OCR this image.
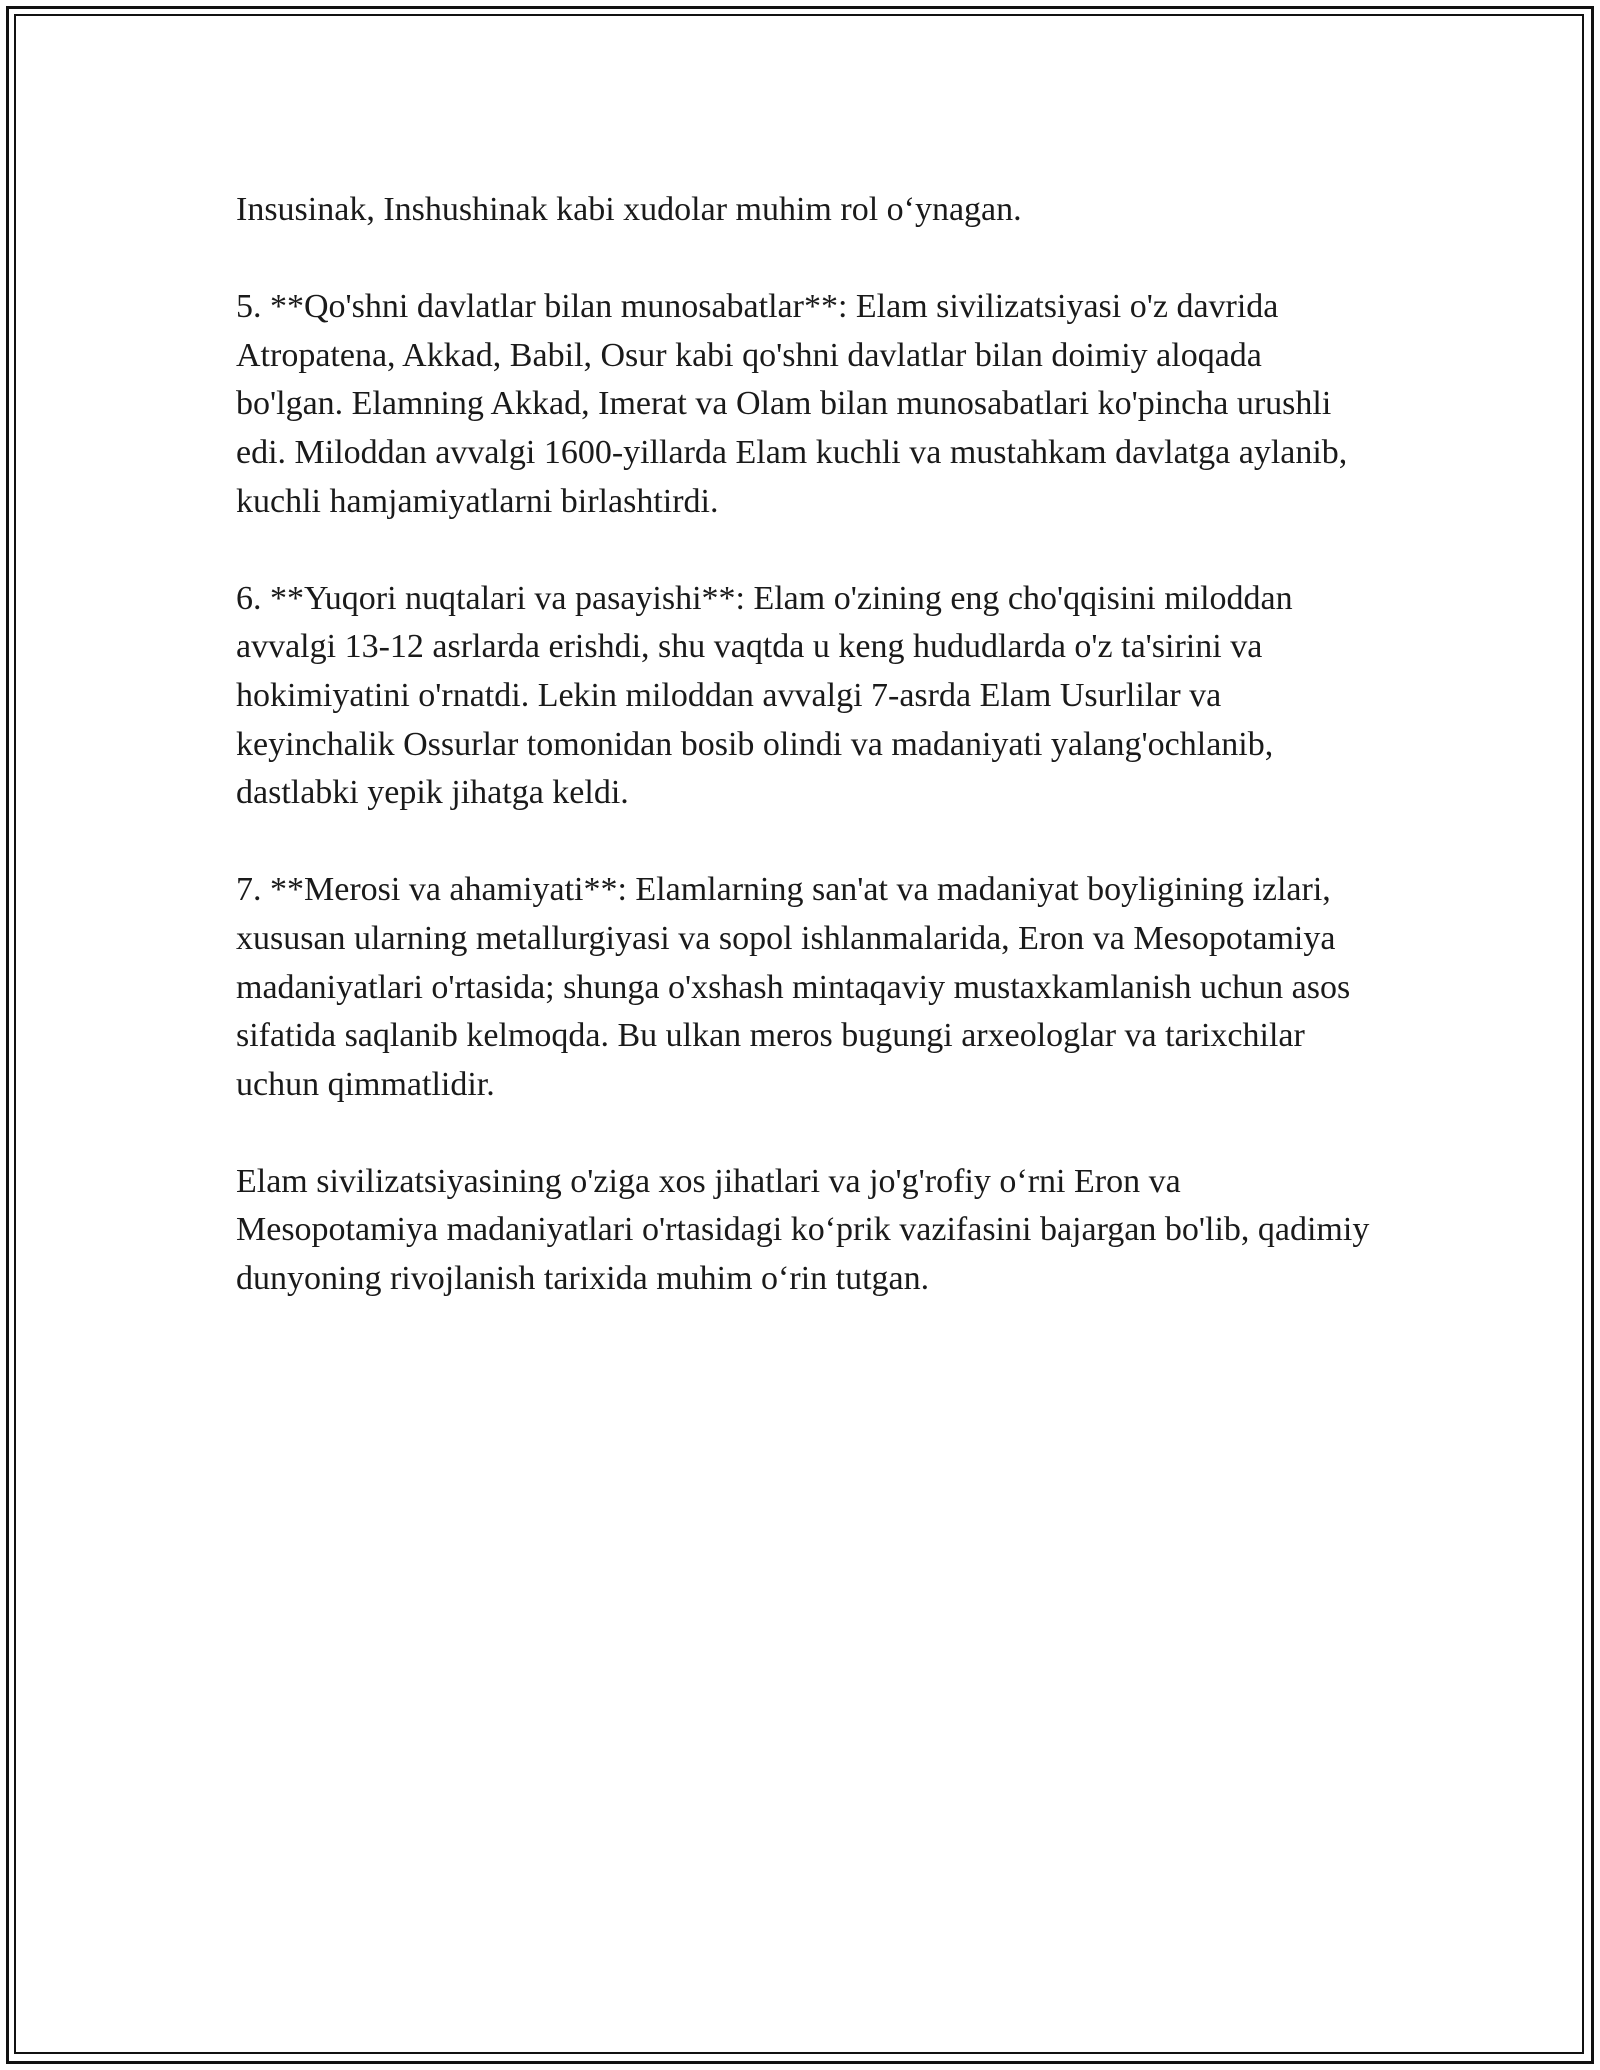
Insusinak, Inshushinak kabi xudolar muhim rol o‘ynagan.

5. **Qo'shni davlatlar bilan munosabatlar**: Elam sivilizatsiyasi o'z davrida Atropatena, Akkad, Babil, Osur kabi qo'shni davlatlar bilan doimiy aloqada bo'lgan. Elamning Akkad, Imerat va Olam bilan munosabatlari ko'pincha urushli edi. Miloddan avvalgi 1600-yillarda Elam kuchli va mustahkam davlatga aylanib, kuchli hamjamiyatlarni birlashtirdi.

6. **Yuqori nuqtalari va pasayishi**: Elam o'zining eng cho'qqisini miloddan avvalgi 13-12 asrlarda erishdi, shu vaqtda u keng hududlarda o'z ta'sirini va hokimiyatini o'rnatdi. Lekin miloddan avvalgi 7-asrda Elam Usurlilar va keyinchalik Ossurlar tomonidan bosib olindi va madaniyati yalang'ochlanib, dastlabki yepik jihatga keldi.

7. **Merosi va ahamiyati**: Elamlarning san'at va madaniyat boyligining izlari, xususan ularning metallurgiyasi va sopol ishlanmalarida, Eron va Mesopotamiya madaniyatlari o'rtasida; shunga o'xshash mintaqaviy mustaxkamlanish uchun asos sifatida saqlanib kelmoqda. Bu ulkan meros bugungi arxeologlar va tarixchilar uchun qimmatlidir.

Elam sivilizatsiyasining o'ziga xos jihatlari va jo'g'rofiy o‘rni Eron va Mesopotamiya madaniyatlari o'rtasidagi ko‘prik vazifasini bajargan bo'lib, qadimiy dunyoning rivojlanish tarixida muhim o‘rin tutgan.
